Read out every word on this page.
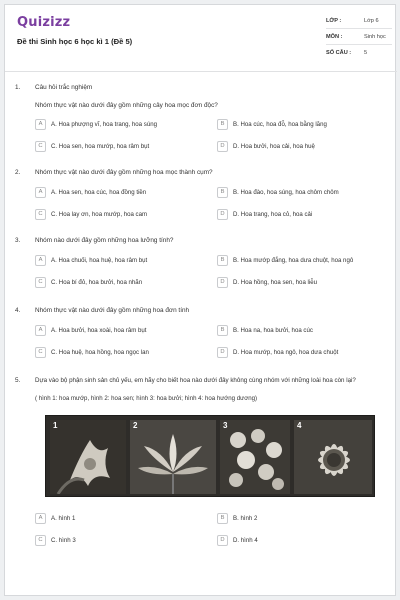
Quizizz
Đề thi Sinh học 6 học kì 1 (Đề 5)
LỚP :	Lớp 6
MÔN :	Sinh học
SỐ CÂU : 5
1. Câu hỏi trắc nghiệm
Nhóm thực vật nào dưới đây gồm những cây hoa mọc đơn độc?
A	A. Hoa phượng vĩ, hoa trang, hoa súng	B	B. Hoa cúc, hoa đỗ, hoa bằng lăng
C	C. Hoa sen, hoa mướp, hoa râm bụt	D	D. Hoa bưởi, hoa cải, hoa huệ
2. Nhóm thực vật nào dưới đây gồm những hoa mọc thành cụm?
A	A. Hoa sen, hoa cúc, hoa đồng tiền	B	B. Hoa đào, hoa súng, hoa chôm chôm
C	C. Hoa lay ơn, hoa mướp, hoa cam	D	D. Hoa trang, hoa cỏ, hoa cải
3. Nhóm nào dưới đây gồm những hoa lưỡng tính?
A	A. Hoa chuối, hoa huệ, hoa râm bụt	B	B. Hoa mướp đắng, hoa dưa chuột, hoa ngô
C	C. Hoa bí đỏ, hoa bưởi, hoa nhãn	D	D. Hoa hồng, hoa sen, hoa liễu
4. Nhóm thực vật nào dưới đây gồm những hoa đơn tính
A	A. Hoa bưởi, hoa xoài, hoa râm bụt	B	B. Hoa na, hoa bưởi, hoa cúc
C	C. Hoa huệ, hoa hồng, hoa ngọc lan	D	D. Hoa mướp, hoa ngô, hoa dưa chuột
5. Dựa vào bộ phận sinh sản chủ yếu, em hãy cho biết hoa nào dưới đây không cùng nhóm với những loài hoa còn lại?
( hình 1: hoa mướp, hình 2: hoa sen; hình 3: hoa bưởi; hình 4: hoa hướng dương)
1	2	3	4
A	A. hình 1	B	B. hình 2
C	C. hình 3	D	D. hình 4
